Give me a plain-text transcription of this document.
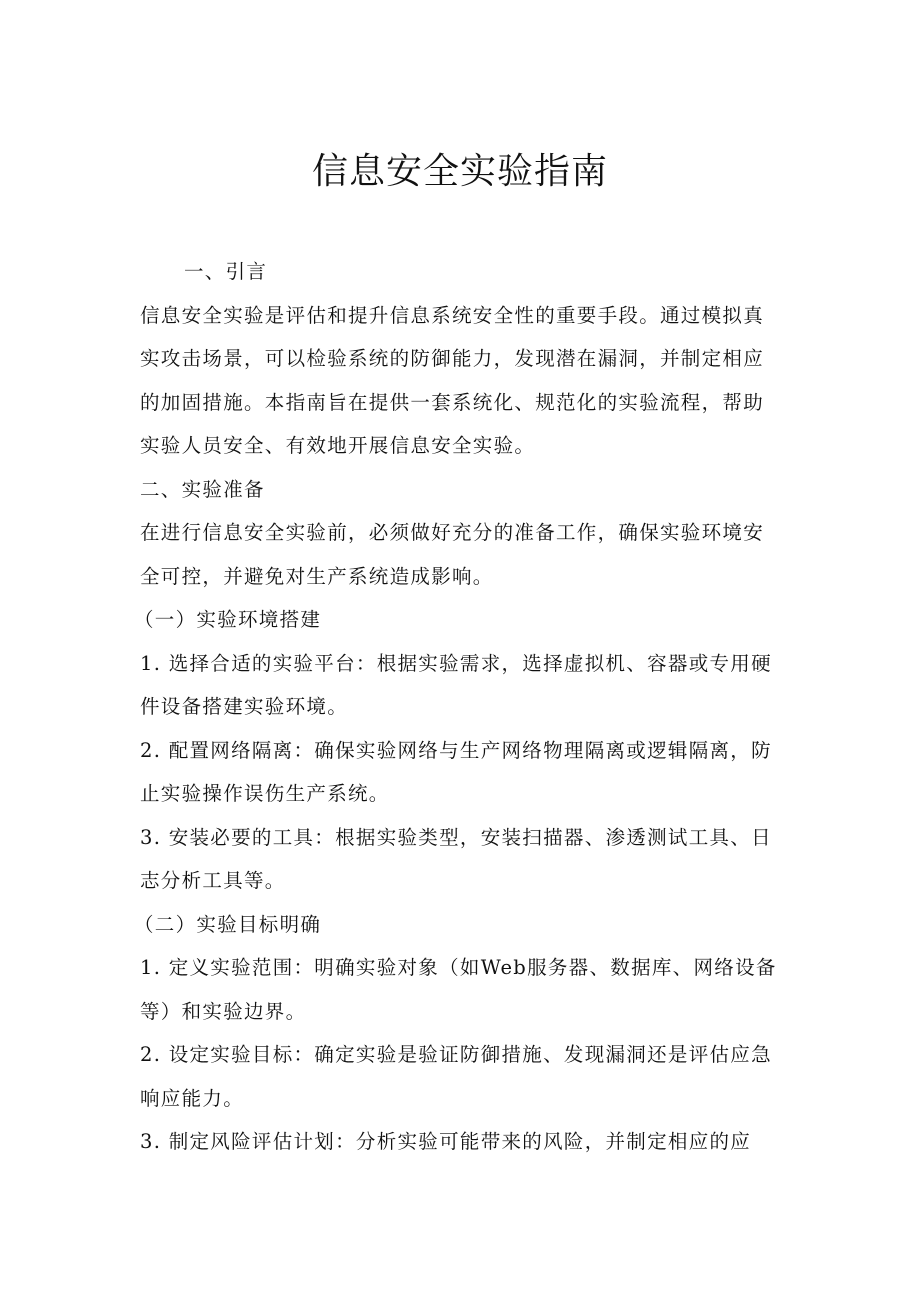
信息安全实验指南

一、引言

信息安全实验是评估和提升信息系统安全性的重要手段。通过模拟真实攻击场景，可以检验系统的防御能力，发现潜在漏洞，并制定相应的加固措施。本指南旨在提供一套系统化、规范化的实验流程，帮助实验人员安全、有效地开展信息安全实验。

二、实验准备

在进行信息安全实验前，必须做好充分的准备工作，确保实验环境安全可控，并避免对生产系统造成影响。

（一）实验环境搭建

1. 选择合适的实验平台：根据实验需求，选择虚拟机、容器或专用硬件设备搭建实验环境。

2. 配置网络隔离：确保实验网络与生产网络物理隔离或逻辑隔离，防止实验操作误伤生产系统。

3. 安装必要的工具：根据实验类型，安装扫描器、渗透测试工具、日志分析工具等。

（二）实验目标明确

1. 定义实验范围：明确实验对象（如Web服务器、数据库、网络设备等）和实验边界。

2. 设定实验目标：确定实验是验证防御措施、发现漏洞还是评估应急响应能力。

3. 制定风险评估计划：分析实验可能带来的风险，并制定相应的应
